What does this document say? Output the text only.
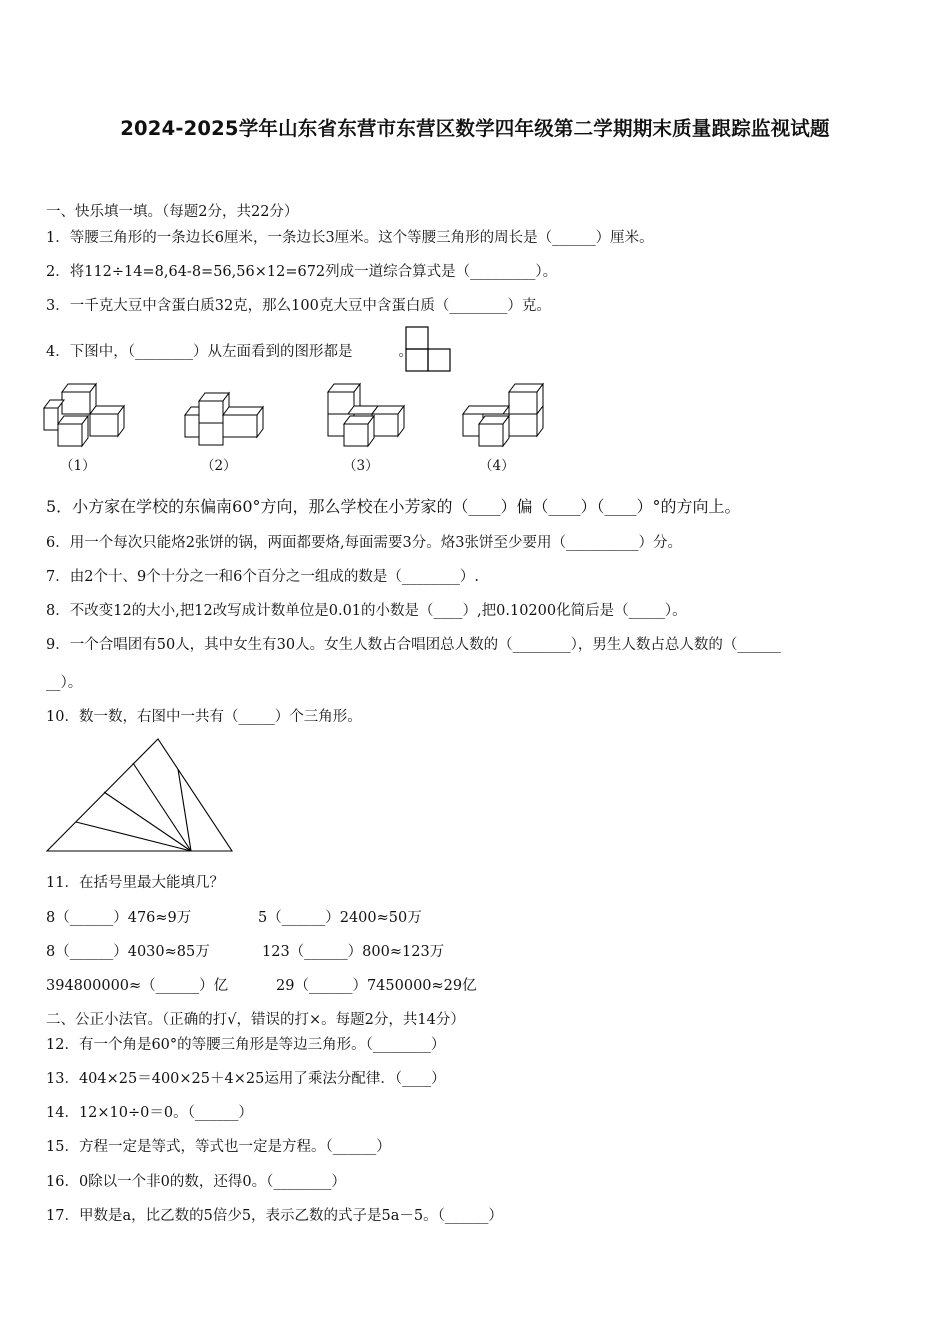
2024-2025学年山东省东营市东营区数学四年级第二学期期末质量跟踪监视试题
一、快乐填一填。（每题2分，共22分）
1．等腰三角形的一条边长6厘米，一条边长3厘米。这个等腰三角形的周长是（______）厘米。
2．将112÷14=8,64-8=56,56×12=672列成一道综合算式是（_________）。
3．一千克大豆中含蛋白质32克，那么100克大豆中含蛋白质（________）克。
4．下图中，（________）从左面看到的图形都是	。
（1）	（2）	（3）	（4）
5．小方家在学校的东偏南60°方向，那么学校在小芳家的（____）偏（____）（____）°的方向上。
6．用一个每次只能烙2张饼的锅，两面都要烙,每面需要3分。烙3张饼至少要用（__________）分。
7．由2个十、9个十分之一和6个百分之一组成的数是（________）.
8．不改变12的大小,把12改写成计数单位是0.01的小数是（____）,把0.10200化简后是（_____）。
9．一个合唱团有50人，其中女生有30人。女生人数占合唱团总人数的（________），男生人数占总人数的（______
__）。
10．数一数，右图中一共有（_____）个三角形。
11．在括号里最大能填几？
8（______）476≈9万	5（______）2400≈50万
8（______）4030≈85万	123（______）800≈123万
394800000≈（______）亿	29（______）7450000≈29亿
二、公正小法官。（正确的打√，错误的打×。每题2分，共14分）
12．有一个角是60°的等腰三角形是等边三角形。（________）
13．404×25＝400×25＋4×25运用了乘法分配律．（____）
14．12×10÷0＝0。（______）
15．方程一定是等式，等式也一定是方程。（______）
16．0除以一个非0的数，还得0。（________）
17．甲数是a，比乙数的5倍少5，表示乙数的式子是5a－5。（______）
